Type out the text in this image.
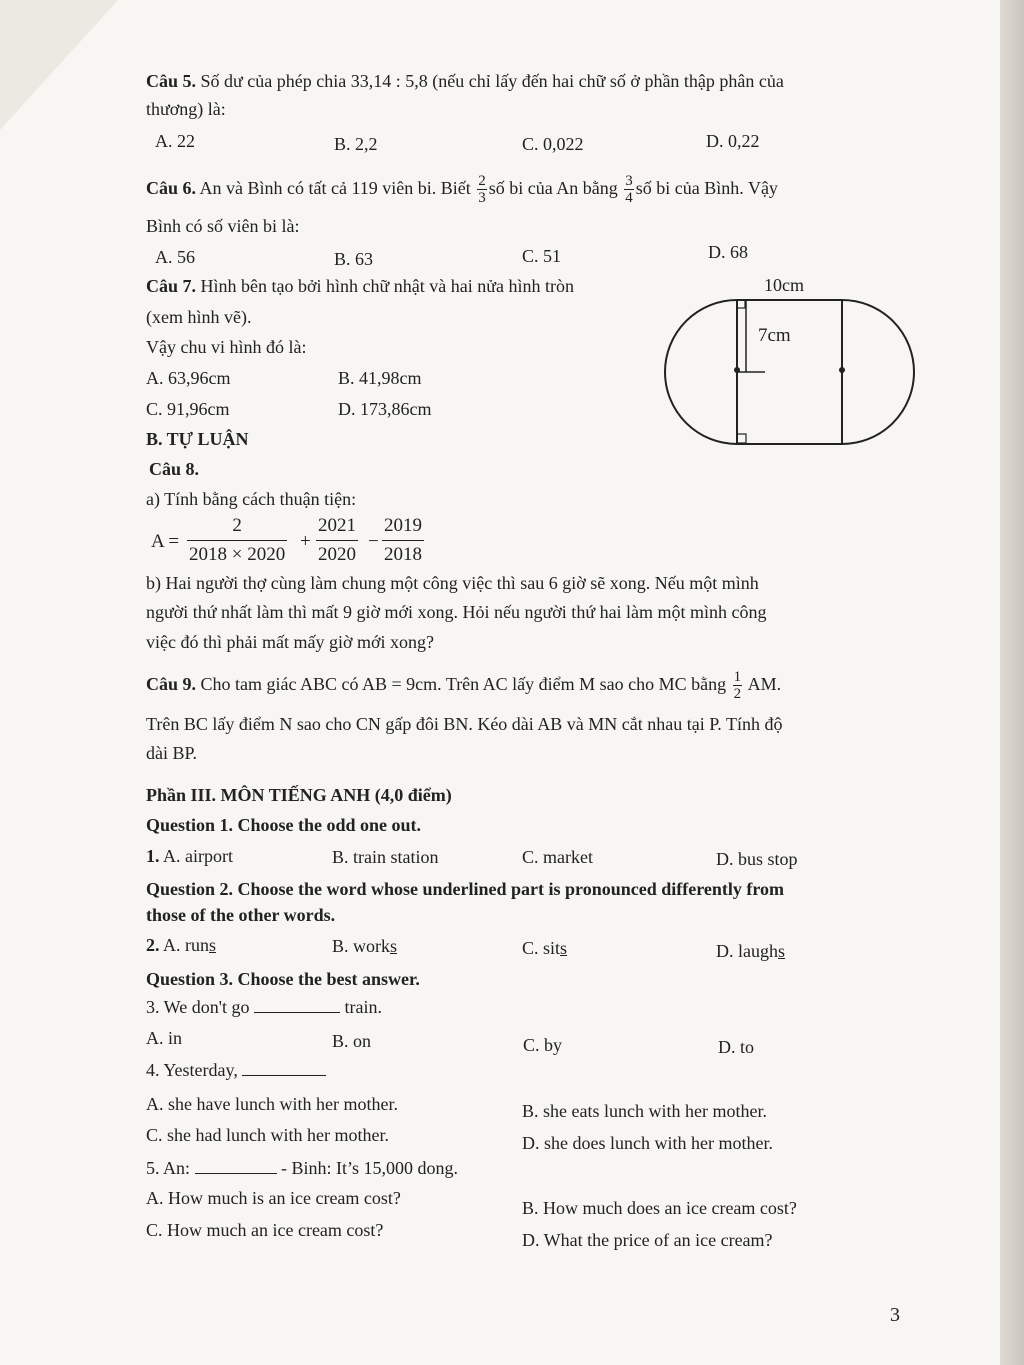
Câu 5. Số dư của phép chia 33,14 : 5,8 (nếu chỉ lấy đến hai chữ số ở phần thập phân của
thương) là:
A. 22	B. 2,2	C. 0,022	D. 0,22
Câu 6. An và Bình có tất cả 119 viên bi. Biết $\frac{2}{3}$ số bi của An bằng $\frac{3}{4}$ số bi của Bình. Vậy
Bình có số viên bi là:
A. 56	B. 63	C. 51	D. 68
Câu 7. Hình bên tạo bởi hình chữ nhật và hai nửa hình tròn
(xem hình vẽ).
Vậy chu vi hình đó là:
A. 63,96cm	B. 41,98cm
C. 91,96cm	D. 173,86cm
10cm
7cm
B. TỰ LUẬN
Câu 8.
a) Tính bằng cách thuận tiện:
$A = \frac{2}{2018 \times 2020} + \frac{2021}{2020} - \frac{2019}{2018}$
b) Hai người thợ cùng làm chung một công việc thì sau 6 giờ sẽ xong. Nếu một mình
người thứ nhất làm thì mất 9 giờ mới xong. Hỏi nếu người thứ hai làm một mình công
việc đó thì phải mất mấy giờ mới xong?
Câu 9. Cho tam giác ABC có AB = 9cm. Trên AC lấy điểm M sao cho MC bằng $\frac{1}{2}$ AM.
Trên BC lấy điểm N sao cho CN gấp đôi BN. Kéo dài AB và MN cắt nhau tại P. Tính độ
dài BP.
Phần III. MÔN TIẾNG ANH (4,0 điểm)
Question 1. Choose the odd one out.
1. A. airport	B. train station	C. market	D. bus stop
Question 2. Choose the word whose underlined part is pronounced differently from
those of the other words.
2. A. runs	B. works	C. sits	D. laughs
Question 3. Choose the best answer.
3. We don't go	train.
A. in	B. on	C. by	D. to
4. Yesterday,
A. she have lunch with her mother.	B. she eats lunch with her mother.
C. she had lunch with her mother.	D. she does lunch with her mother.
5. An:	- Binh: It’s 15,000 dong.
A. How much is an ice cream cost?	B. How much does an ice cream cost?
C. How much an ice cream cost?	D. What the price of an ice cream?
3
